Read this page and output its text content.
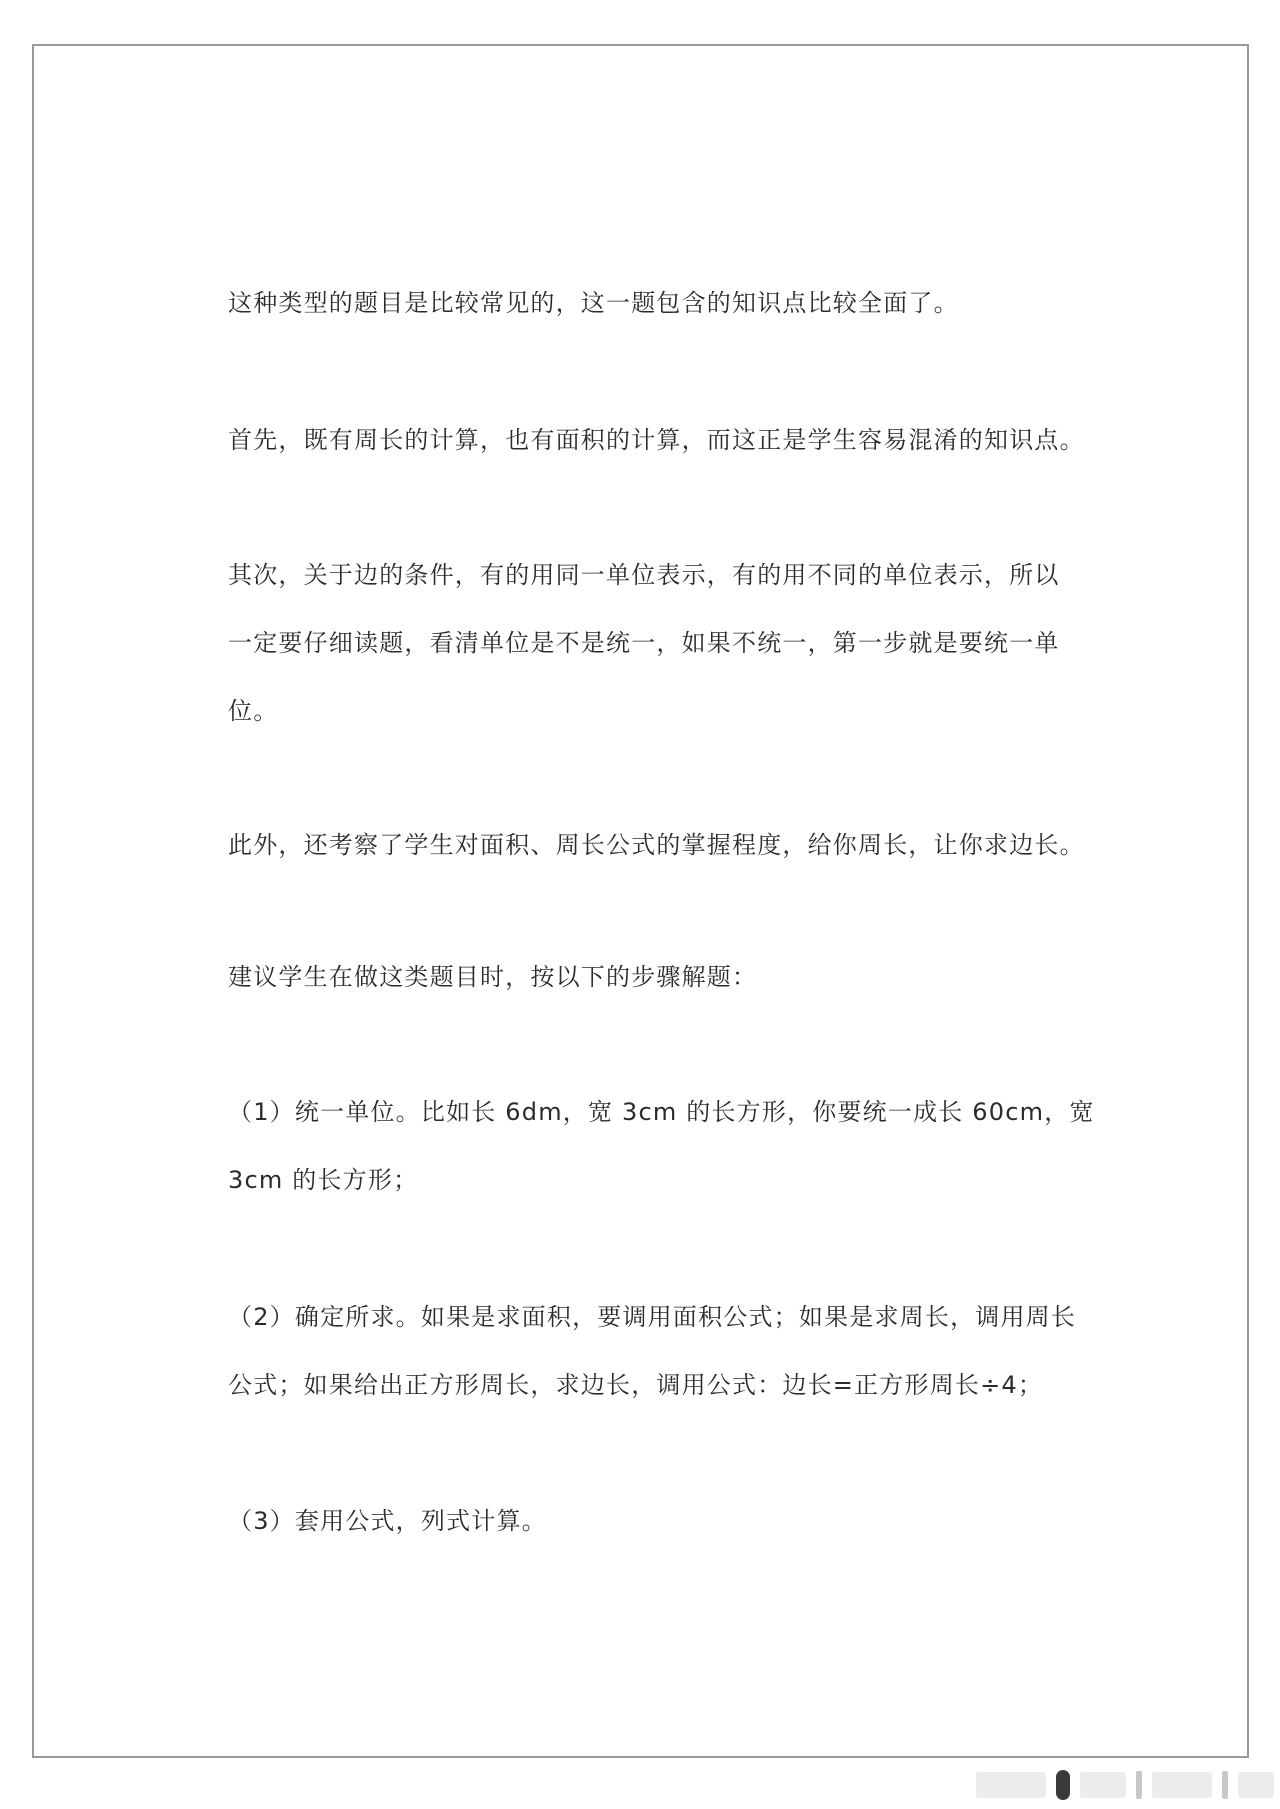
这种类型的题目是比较常见的，这一题包含的知识点比较全面了。

首先，既有周长的计算，也有面积的计算，而这正是学生容易混淆的知识点。

其次，关于边的条件，有的用同一单位表示，有的用不同的单位表示，所以
一定要仔细读题，看清单位是不是统一，如果不统一，第一步就是要统一单
位。

此外，还考察了学生对面积、周长公式的掌握程度，给你周长，让你求边长。

建议学生在做这类题目时，按以下的步骤解题：

（1）统一单位。比如长 6dm，宽 3cm 的长方形，你要统一成长 60cm，宽
3cm 的长方形；

（2）确定所求。如果是求面积，要调用面积公式；如果是求周长，调用周长
公式；如果给出正方形周长，求边长，调用公式：边长=正方形周长÷4；

（3）套用公式，列式计算。
